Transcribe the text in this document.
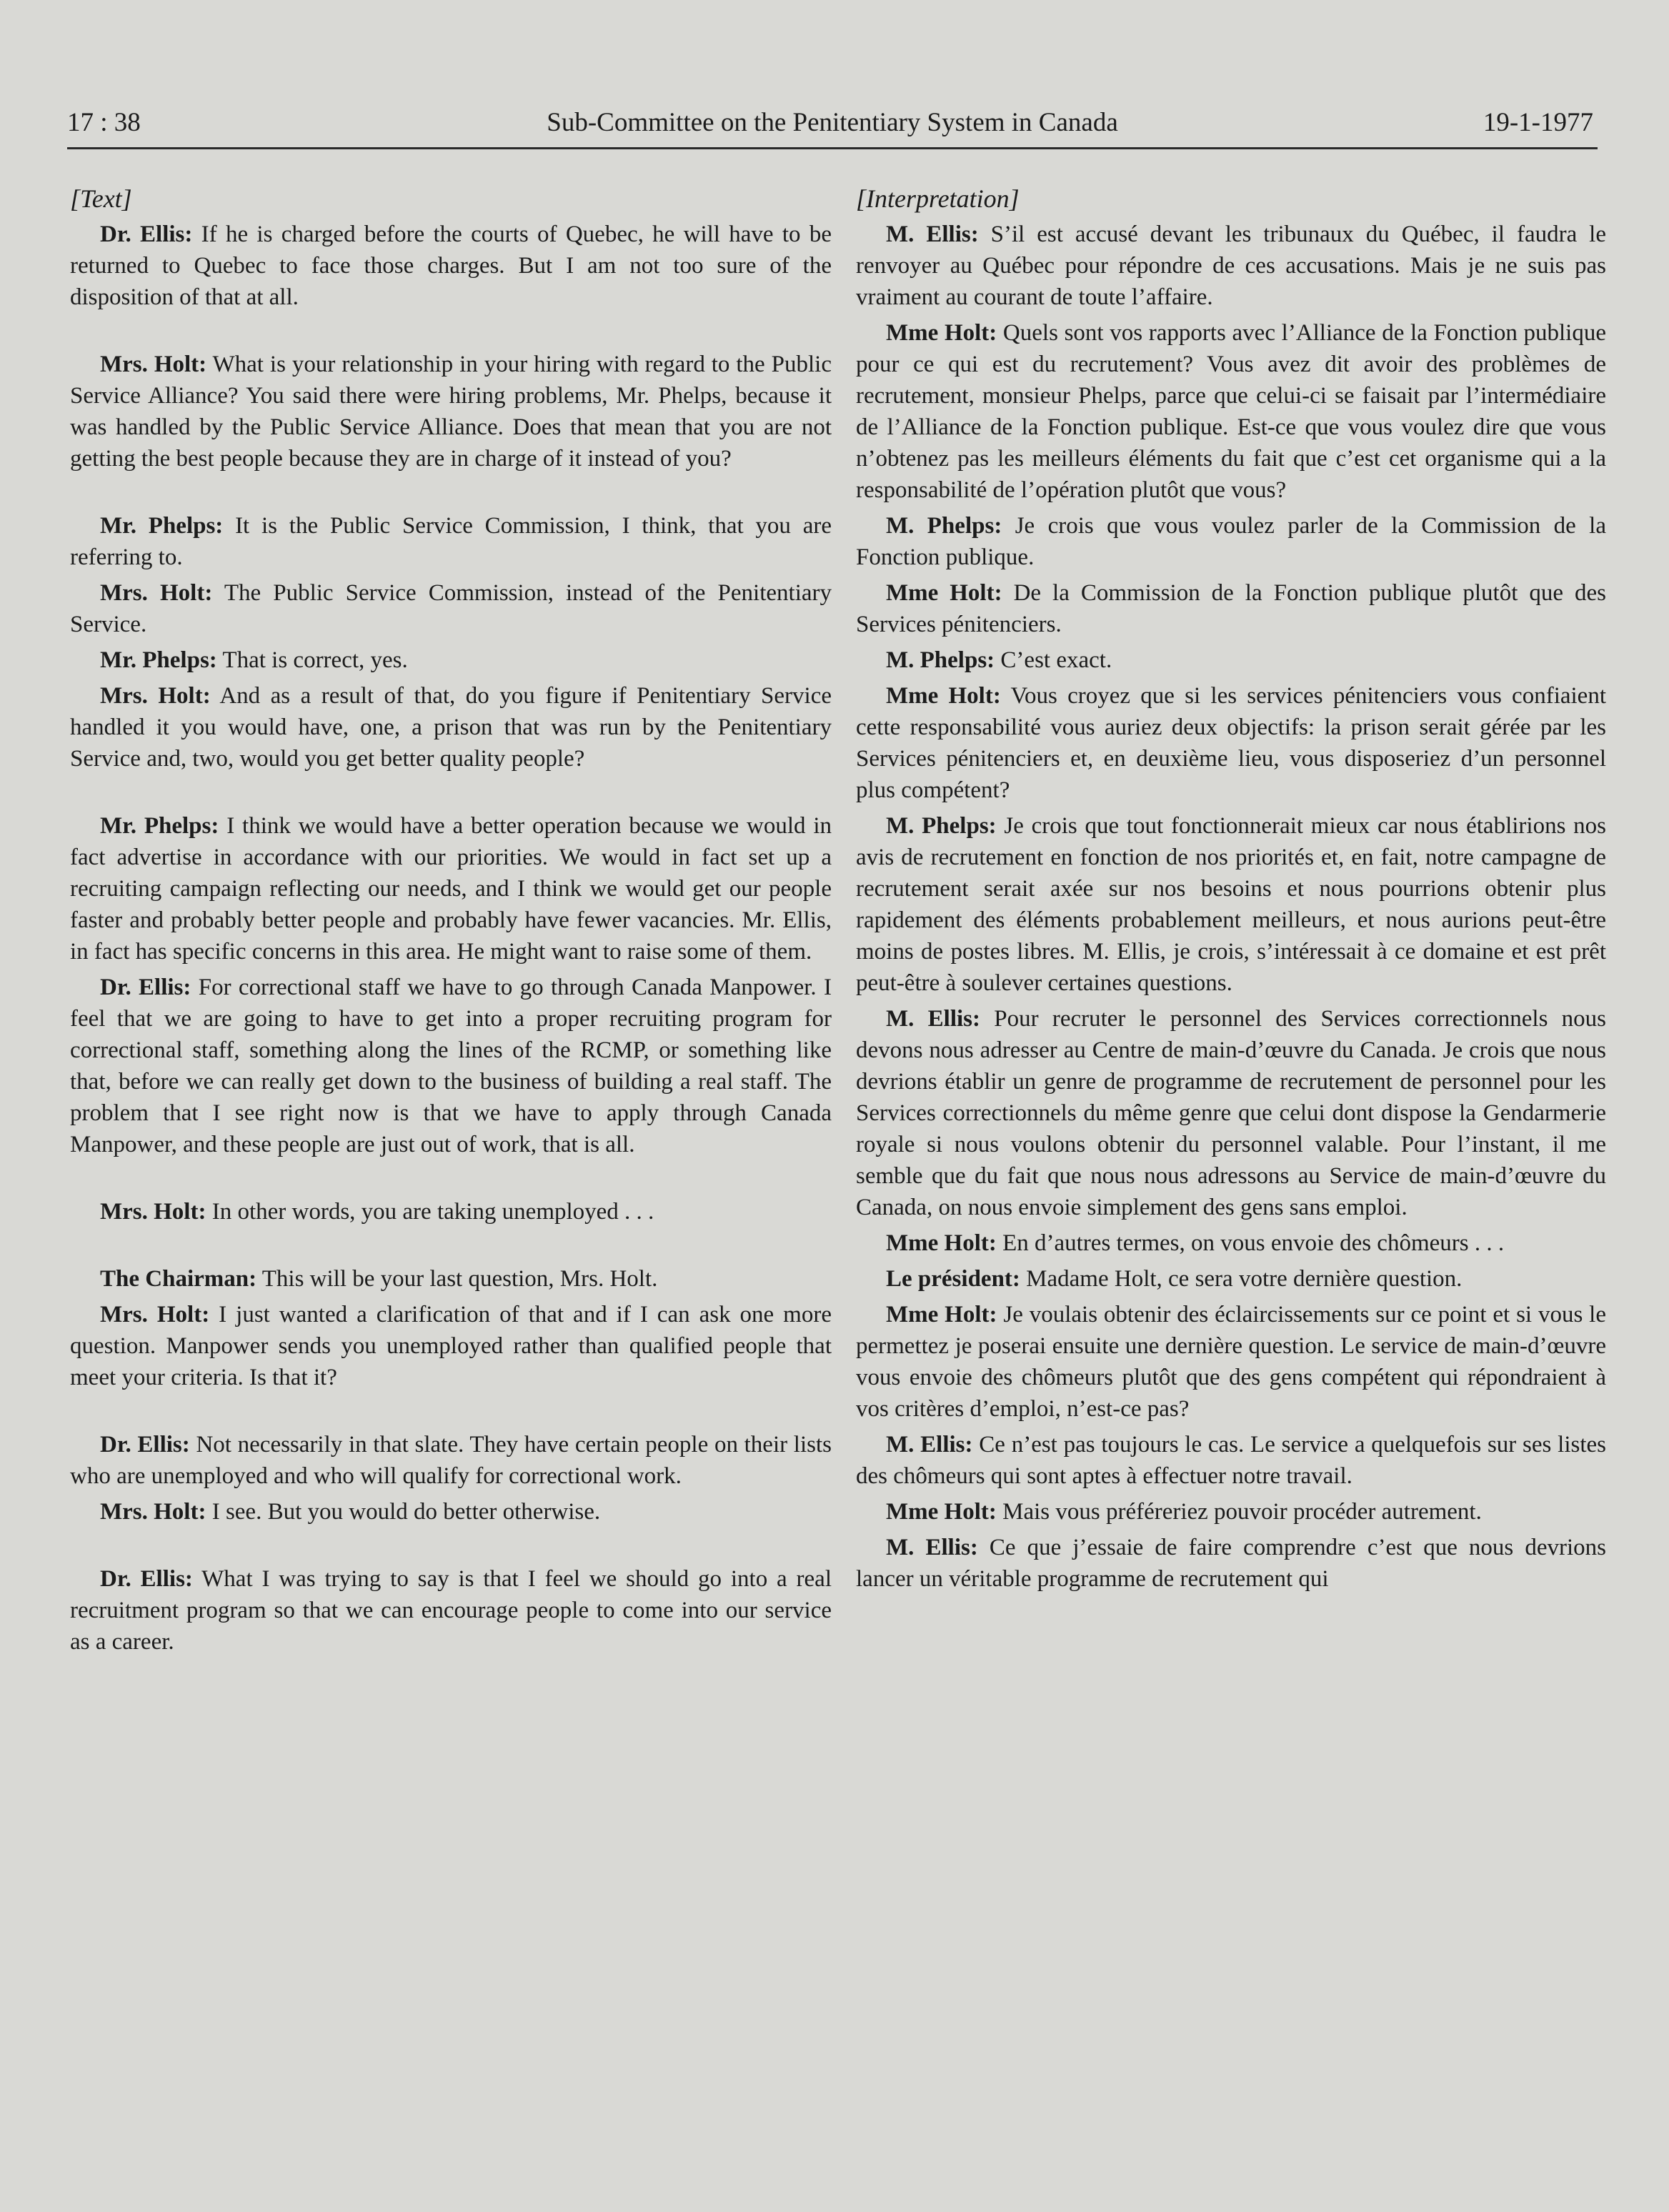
17 : 38	Sub-Committee on the Penitentiary System in Canada	19-1-1977

[Text]

Dr. Ellis: If he is charged before the courts of Quebec, he will have to be returned to Quebec to face those charges. But I am not too sure of the disposition of that at all.

Mrs. Holt: What is your relationship in your hiring with regard to the Public Service Alliance? You said there were hiring problems, Mr. Phelps, because it was handled by the Public Service Alliance. Does that mean that you are not getting the best people because they are in charge of it instead of you?

Mr. Phelps: It is the Public Service Commission, I think, that you are referring to.

Mrs. Holt: The Public Service Commission, instead of the Penitentiary Service.

Mr. Phelps: That is correct, yes.

Mrs. Holt: And as a result of that, do you figure if Penitentiary Service handled it you would have, one, a prison that was run by the Penitentiary Service and, two, would you get better quality people?

Mr. Phelps: I think we would have a better operation because we would in fact advertise in accordance with our priorities. We would in fact set up a recruiting campaign reflecting our needs, and I think we would get our people faster and probably better people and probably have fewer vacancies. Mr. Ellis, in fact has specific concerns in this area. He might want to raise some of them.

Dr. Ellis: For correctional staff we have to go through Canada Manpower. I feel that we are going to have to get into a proper recruiting program for correctional staff, something along the lines of the RCMP, or something like that, before we can really get down to the business of building a real staff. The problem that I see right now is that we have to apply through Canada Manpower, and these people are just out of work, that is all.

Mrs. Holt: In other words, you are taking unemployed . . .

The Chairman: This will be your last question, Mrs. Holt.

Mrs. Holt: I just wanted a clarification of that and if I can ask one more question. Manpower sends you unemployed rather than qualified people that meet your criteria. Is that it?

Dr. Ellis: Not necessarily in that slate. They have certain people on their lists who are unemployed and who will qualify for correctional work.

Mrs. Holt: I see. But you would do better otherwise.

Dr. Ellis: What I was trying to say is that I feel we should go into a real recruitment program so that we can encourage people to come into our service as a career.

[Interpretation]

M. Ellis: S’il est accusé devant les tribunaux du Québec, il faudra le renvoyer au Québec pour répondre de ces accusations. Mais je ne suis pas vraiment au courant de toute l’affaire.

Mme Holt: Quels sont vos rapports avec l’Alliance de la Fonction publique pour ce qui est du recrutement? Vous avez dit avoir des problèmes de recrutement, monsieur Phelps, parce que celui-ci se faisait par l’intermédiaire de l’Alliance de la Fonction publique. Est-ce que vous voulez dire que vous n’obtenez pas les meilleurs éléments du fait que c’est cet organisme qui a la responsabilité de l’opération plutôt que vous?

M. Phelps: Je crois que vous voulez parler de la Commission de la Fonction publique.

Mme Holt: De la Commission de la Fonction publique plutôt que des Services pénitenciers.

M. Phelps: C’est exact.

Mme Holt: Vous croyez que si les services pénitenciers vous confiaient cette responsabilité vous auriez deux objectifs: la prison serait gérée par les Services pénitenciers et, en deuxième lieu, vous disposeriez d’un personnel plus compétent?

M. Phelps: Je crois que tout fonctionnerait mieux car nous établirions nos avis de recrutement en fonction de nos priorités et, en fait, notre campagne de recrutement serait axée sur nos besoins et nous pourrions obtenir plus rapidement des éléments probablement meilleurs, et nous aurions peut-être moins de postes libres. M. Ellis, je crois, s’intéressait à ce domaine et est prêt peut-être à soulever certaines questions.

M. Ellis: Pour recruter le personnel des Services correctionnels nous devons nous adresser au Centre de main-d’œuvre du Canada. Je crois que nous devrions établir un genre de programme de recrutement de personnel pour les Services correctionnels du même genre que celui dont dispose la Gendarmerie royale si nous voulons obtenir du personnel valable. Pour l’instant, il me semble que du fait que nous nous adressons au Service de main-d’œuvre du Canada, on nous envoie simplement des gens sans emploi.

Mme Holt: En d’autres termes, on vous envoie des chômeurs . . .

Le président: Madame Holt, ce sera votre dernière question.

Mme Holt: Je voulais obtenir des éclaircissements sur ce point et si vous le permettez je poserai ensuite une dernière question. Le service de main-d’œuvre vous envoie des chômeurs plutôt que des gens compétent qui répondraient à vos critères d’emploi, n’est-ce pas?

M. Ellis: Ce n’est pas toujours le cas. Le service a quelquefois sur ses listes des chômeurs qui sont aptes à effectuer notre travail.

Mme Holt: Mais vous préféreriez pouvoir procéder autrement.

M. Ellis: Ce que j’essaie de faire comprendre c’est que nous devrions lancer un véritable programme de recrutement qui
